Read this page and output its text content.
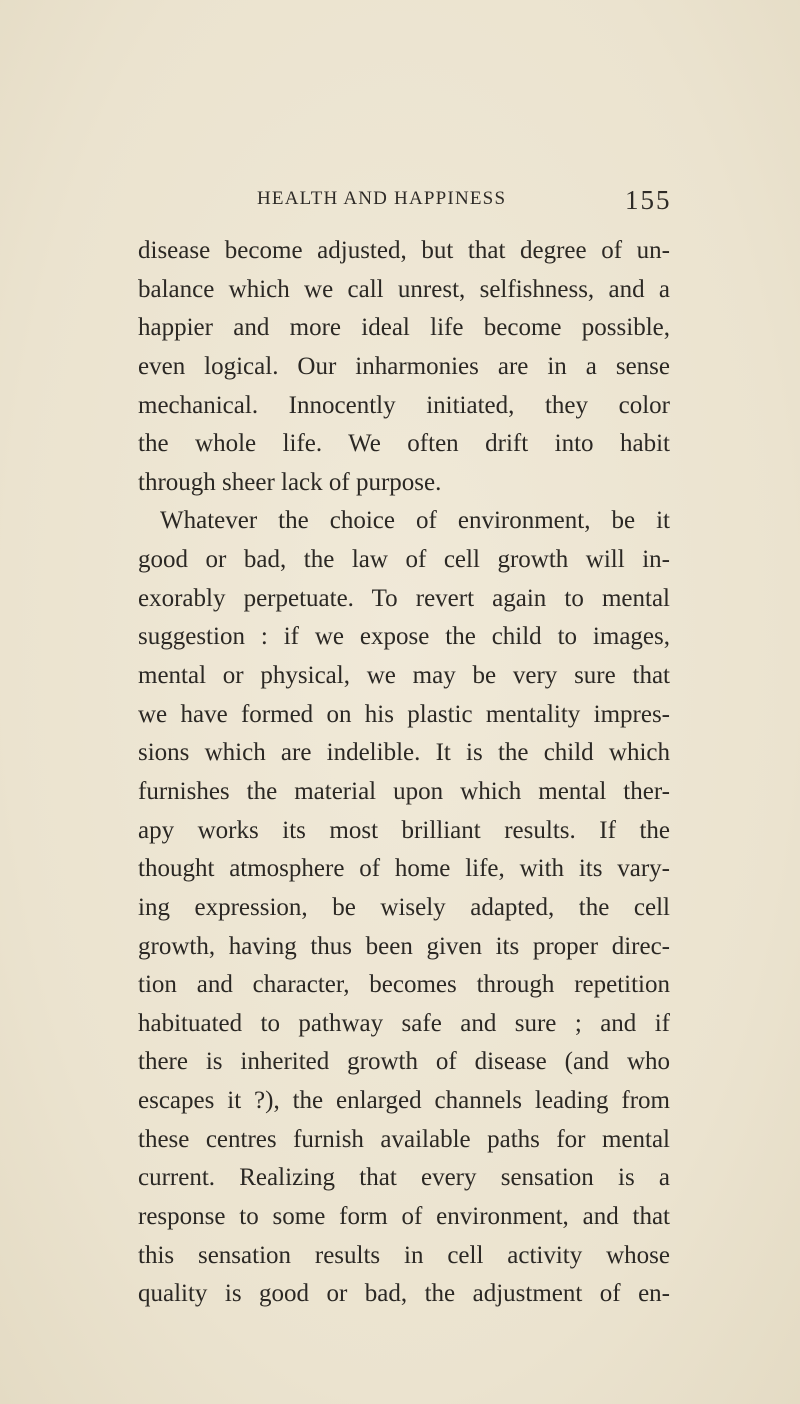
HEALTH AND HAPPINESS	155
disease become adjusted, but that degree of un-
balance which we call unrest, selfishness, and a
happier and more ideal life become possible,
even logical. Our inharmonies are in a sense
mechanical. Innocently initiated, they color
the whole life. We often drift into habit
through sheer lack of purpose.
Whatever the choice of environment, be it
good or bad, the law of cell growth will in-
exorably perpetuate. To revert again to mental
suggestion : if we expose the child to images,
mental or physical, we may be very sure that
we have formed on his plastic mentality impres-
sions which are indelible. It is the child which
furnishes the material upon which mental ther-
apy works its most brilliant results. If the
thought atmosphere of home life, with its vary-
ing expression, be wisely adapted, the cell
growth, having thus been given its proper direc-
tion and character, becomes through repetition
habituated to pathway safe and sure ; and if
there is inherited growth of disease (and who
escapes it ?), the enlarged channels leading from
these centres furnish available paths for mental
current. Realizing that every sensation is a
response to some form of environment, and that
this sensation results in cell activity whose
quality is good or bad, the adjustment of en-
